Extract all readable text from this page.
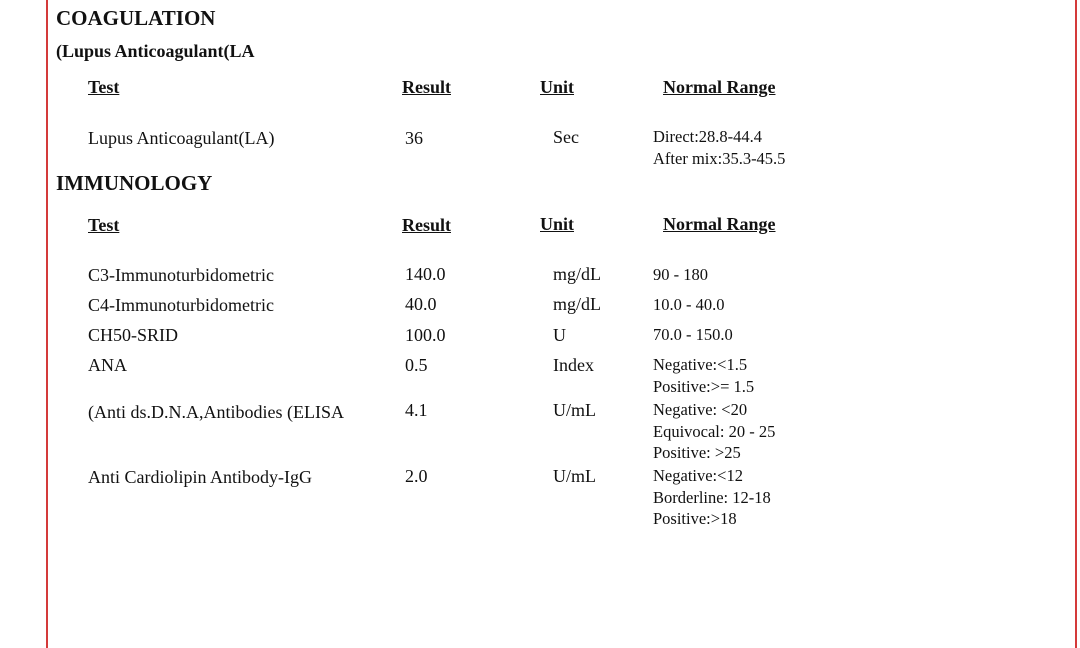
COAGULATION
(Lupus Anticoagulant(LA
Test	Result	Unit	Normal Range
Lupus Anticoagulant(LA)	36	Sec	Direct:28.8-44.4
After mix:35.3-45.5
IMMUNOLOGY
Test	Result	Unit	Normal Range
C3-Immunoturbidometric	140.0	mg/dL	90 - 180
C4-Immunoturbidometric	40.0	mg/dL	10.0 - 40.0
CH50-SRID	100.0	U	70.0 - 150.0
ANA	0.5	Index	Negative:<1.5
Positive:>= 1.5
(Anti ds.D.N.A,Antibodies (ELISA	4.1	U/mL	Negative: <20
Equivocal: 20 - 25
Positive: >25
Anti Cardiolipin Antibody-IgG	2.0	U/mL	Negative:<12
Borderline: 12-18
Positive:>18
